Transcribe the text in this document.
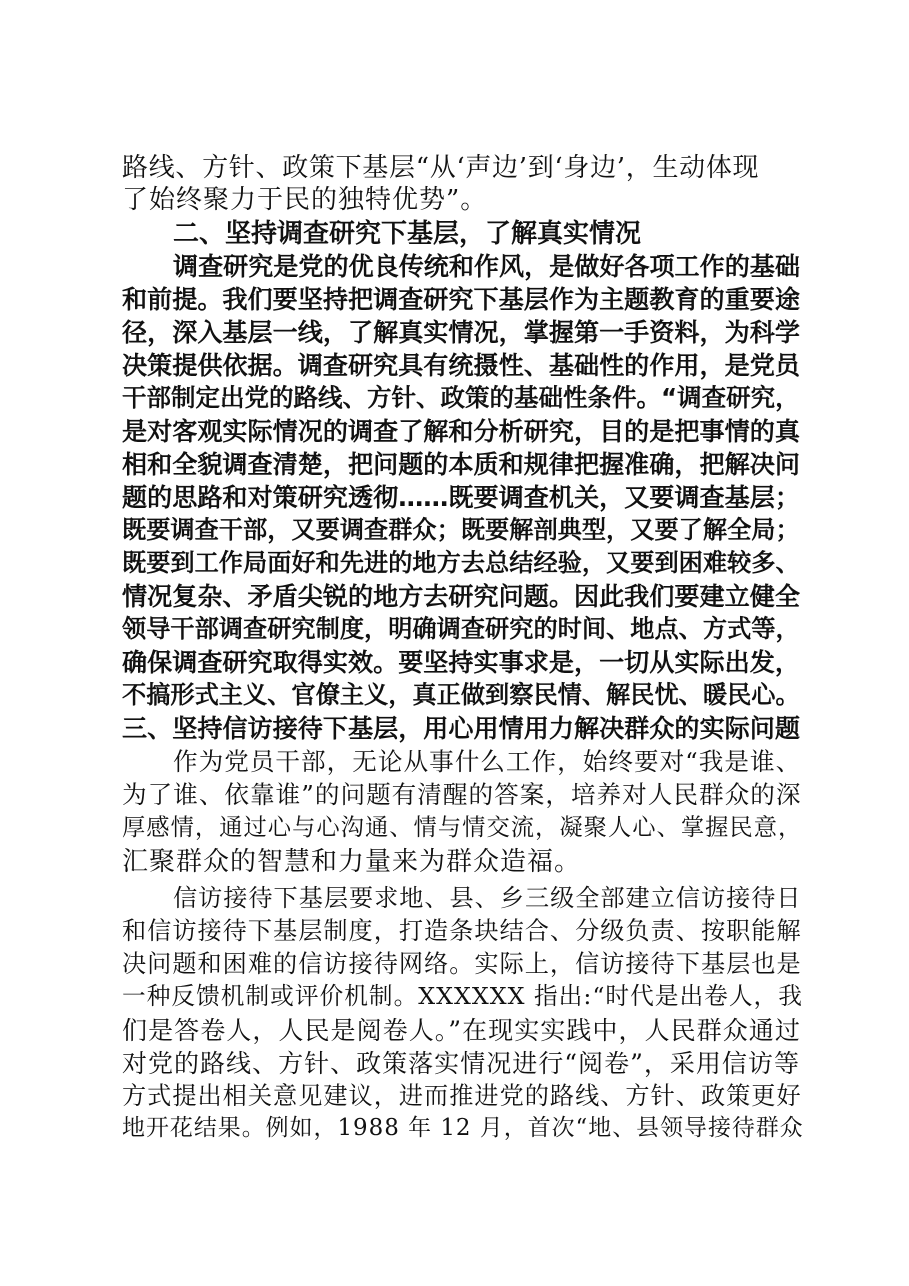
路线、方针、政策下基层“从‘声边’到‘身边’，生动体现
了始终聚力于民的独特优势”。
二、坚持调查研究下基层，了解真实情况
调查研究是党的优良传统和作风，是做好各项工作的基础
和前提。我们要坚持把调查研究下基层作为主题教育的重要途
径，深入基层一线，了解真实情况，掌握第一手资料，为科学
决策提供依据。调查研究具有统摄性、基础性的作用，是党员
干部制定出党的路线、方针、政策的基础性条件。“调查研究，
是对客观实际情况的调查了解和分析研究，目的是把事情的真
相和全貌调查清楚，把问题的本质和规律把握准确，把解决问
题的思路和对策研究透彻……既要调查机关，又要调查基层；
既要调查干部，又要调查群众；既要解剖典型，又要了解全局；
既要到工作局面好和先进的地方去总结经验，又要到困难较多、
情况复杂、矛盾尖锐的地方去研究问题。因此我们要建立健全
领导干部调查研究制度，明确调查研究的时间、地点、方式等，
确保调查研究取得实效。要坚持实事求是，一切从实际出发，
不搞形式主义、官僚主义，真正做到察民情、解民忧、暖民心。
三、坚持信访接待下基层，用心用情用力解决群众的实际问题
作为党员干部，无论从事什么工作，始终要对“我是谁、
为了谁、依靠谁”的问题有清醒的答案，培养对人民群众的深
厚感情，通过心与心沟通、情与情交流，凝聚人心、掌握民意，
汇聚群众的智慧和力量来为群众造福。
信访接待下基层要求地、县、乡三级全部建立信访接待日
和信访接待下基层制度，打造条块结合、分级负责、按职能解
决问题和困难的信访接待网络。实际上，信访接待下基层也是
一种反馈机制或评价机制。XXXXXX 指出:“时代是出卷人，我
们是答卷人，人民是阅卷人。”在现实实践中，人民群众通过
对党的路线、方针、政策落实情况进行“阅卷”，采用信访等
方式提出相关意见建议，进而推进党的路线、方针、政策更好
地开花结果。例如，1988 年 12 月，首次“地、县领导接待群众
